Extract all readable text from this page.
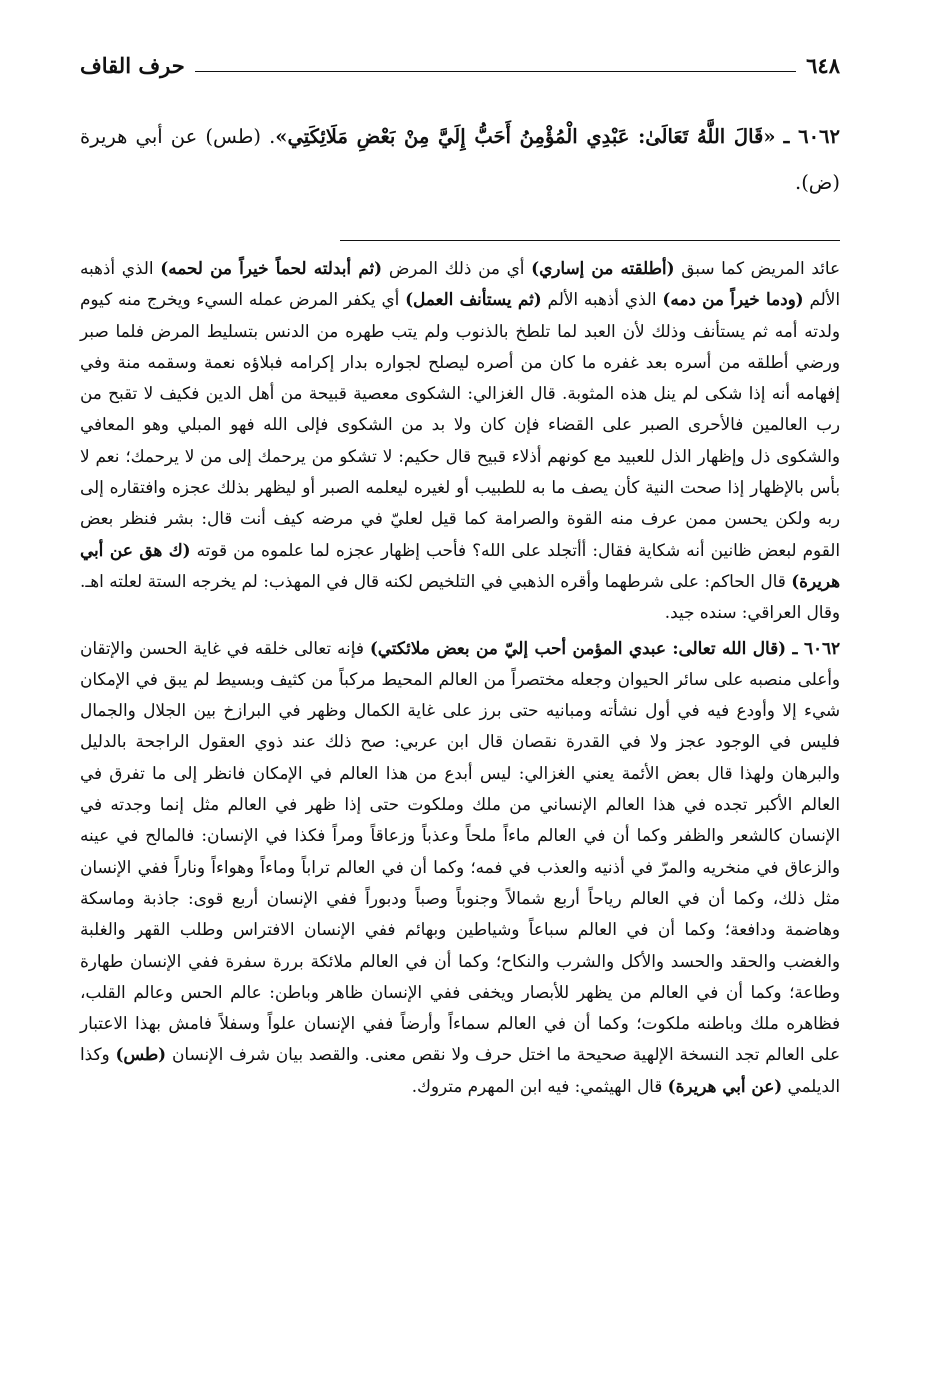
٦٤٨
حرف القاف
٦٠٦٢ ـ «قَالَ اللَّهُ تَعَالَىٰ: عَبْدِي الْمُؤْمِنُ أَحَبُّ إِلَيَّ مِنْ بَعْضِ مَلَائِكَتِي». (طس) عن أبي هريرة (ض).

عائد المريض كما سبق (أطلقته من إساري) أي من ذلك المرض (ثم أبدلته لحماً خيراً من لحمه) الذي أذهبه الألم (ودما خيراً من دمه) الذي أذهبه الألم (ثم يستأنف العمل) أي يكفر المرض عمله السيء ويخرج منه كيوم ولدته أمه ثم يستأنف وذلك لأن العبد لما تلطخ بالذنوب ولم يتب طهره من الدنس بتسليط المرض فلما صبر ورضي أطلقه من أسره بعد غفره ما كان من أصره ليصلح لجواره بدار إكرامه فبلاؤه نعمة وسقمه منة وفي إفهامه أنه إذا شكى لم ينل هذه المثوبة. قال الغزالي: الشكوى معصية قبيحة من أهل الدين فكيف لا تقبح من رب العالمين فالأحرى الصبر على القضاء فإن كان ولا بد من الشكوى فإلى الله فهو المبلي وهو المعافي والشكوى ذل وإظهار الذل للعبيد مع كونهم أذلاء قبيح قال حكيم: لا تشكو من يرحمك إلى من لا يرحمك؛ نعم لا بأس بالإظهار إذا صحت النية كأن يصف ما به للطبيب أو لغيره ليعلمه الصبر أو ليظهر بذلك عجزه وافتقاره إلى ربه ولكن يحسن ممن عرف منه القوة والصرامة كما قيل لعليّ في مرضه كيف أنت قال: بشر فنظر بعض القوم لبعض ظانين أنه شكاية فقال: أأتجلد على الله؟ فأحب إظهار عجزه لما علموه من قوته (ك هق عن أبي هريرة) قال الحاكم: على شرطهما وأقره الذهبي في التلخيص لكنه قال في المهذب: لم يخرجه الستة لعلته اهـ. وقال العراقي: سنده جيد.

٦٠٦٢ ـ (قال الله تعالى: عبدي المؤمن أحب إليّ من بعض ملائكتي) فإنه تعالى خلقه في غاية الحسن والإتقان وأعلى منصبه على سائر الحيوان وجعله مختصراً من العالم المحيط مركباً من كثيف وبسيط لم يبق في الإمكان شيء إلا وأودع فيه في أول نشأته ومبانيه حتى برز على غاية الكمال وظهر في البرازخ بين الجلال والجمال فليس في الوجود عجز ولا في القدرة نقصان قال ابن عربي: صح ذلك عند ذوي العقول الراجحة بالدليل والبرهان ولهذا قال بعض الأئمة يعني الغزالي: ليس أبدع من هذا العالم في الإمكان فانظر إلى ما تفرق في العالم الأكبر تجده في هذا العالم الإنساني من ملك وملكوت حتى إذا ظهر في العالم مثل إنما وجدته في الإنسان كالشعر والظفر وكما أن في العالم ماءاً ملحاً وعذباً وزعاقاً ومراً فكذا في الإنسان: فالمالح في عينه والزعاق في منخريه والمرّ في أذنيه والعذب في فمه؛ وكما أن في العالم تراباً وماءاً وهواءاً وناراً ففي الإنسان مثل ذلك، وكما أن في العالم رياحاً أربع شمالاً وجنوباً وصباً ودبوراً ففي الإنسان أربع قوى: جاذبة وماسكة وهاضمة ودافعة؛ وكما أن في العالم سباعاً وشياطين وبهائم ففي الإنسان الافتراس وطلب القهر والغلبة والغضب والحقد والحسد والأكل والشرب والنكاح؛ وكما أن في العالم ملائكة بررة سفرة ففي الإنسان طهارة وطاعة؛ وكما أن في العالم من يظهر للأبصار ويخفى ففي الإنسان ظاهر وباطن: عالم الحس وعالم القلب، فظاهره ملك وباطنه ملكوت؛ وكما أن في العالم سماءاً وأرضاً ففي الإنسان علواً وسفلاً فامش بهذا الاعتبار على العالم تجد النسخة الإلهية صحيحة ما اختل حرف ولا نقص معنى. والقصد بيان شرف الإنسان (طس) وكذا الديلمي (عن أبي هريرة) قال الهيثمي: فيه ابن المهرم متروك.
